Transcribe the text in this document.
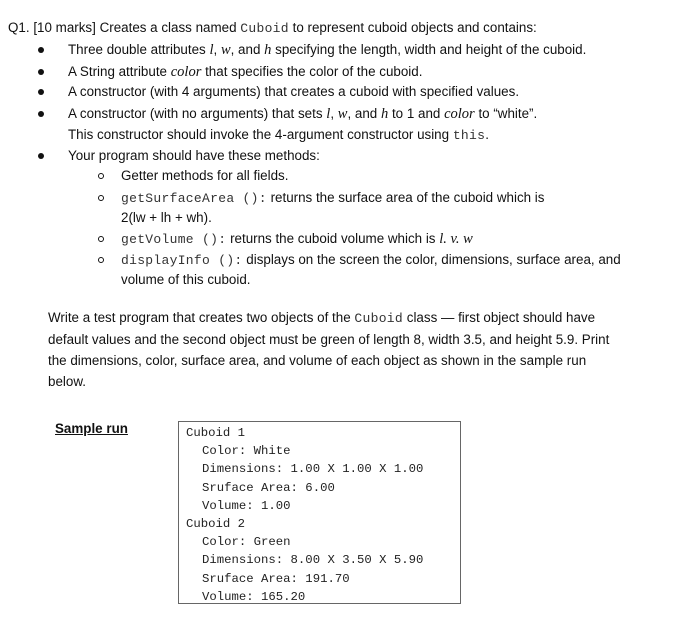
Q1. [10 marks] Creates a class named Cuboid to represent cuboid objects and contains:
Three double attributes l, w, and h specifying the length, width and height of the cuboid.
A String attribute color that specifies the color of the cuboid.
A constructor (with 4 arguments) that creates a cuboid with specified values.
A constructor (with no arguments) that sets l, w, and h to 1 and color to “white”.
This constructor should invoke the 4-argument constructor using this.
Your program should have these methods:
Getter methods for all fields.
getSurfaceArea (): returns the surface area of the cuboid which is
2(lw + lh + wh).
getVolume (): returns the cuboid volume which is l. v. w
displayInfo (): displays on the screen the color, dimensions, surface area, and
volume of this cuboid.
Write a test program that creates two objects of the Cuboid class — first object should have
default values and the second object must be green of length 8, width 3.5, and height 5.9. Print
the dimensions, color, surface area, and volume of each object as shown in the sample run
below.
Sample run	Cuboid 1
Color: White
Dimensions: 1.00 X 1.00 X 1.00
Sruface Area: 6.00
Volume: 1.00
Cuboid 2
Color: Green
Dimensions: 8.00 X 3.50 X 5.90
Sruface Area: 191.70
Volume: 165.20
